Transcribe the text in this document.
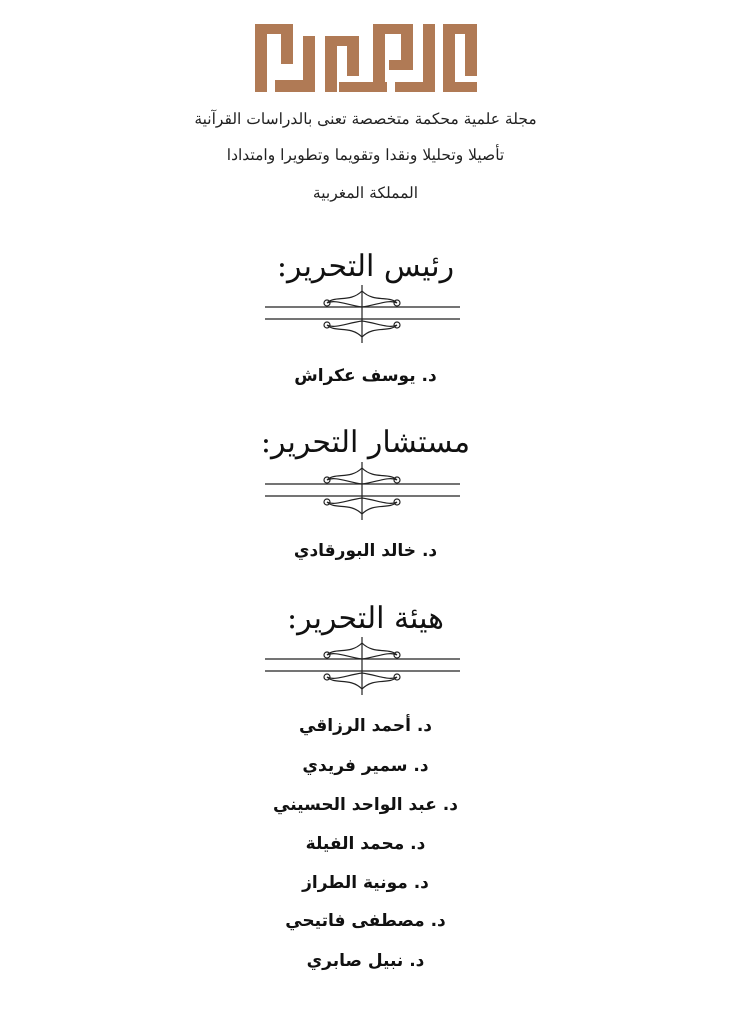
مجلة علمية محكمة متخصصة تعنى بالدراسات القرآنية
تأصيلا وتحليلا ونقدا وتقويما وتطويرا وامتدادا
المملكة المغربية
رئيس التحرير:
د. يوسف عكراش
مستشار التحرير:
د. خالد البورقادي
هيئة التحرير:
د. أحمد الرزاقي
د. سمير فريدي
د. عبد الواحد الحسيني
د. محمد الفيلة
د. مونية الطراز
د. مصطفى فاتيحي
د. نبيل صابري
